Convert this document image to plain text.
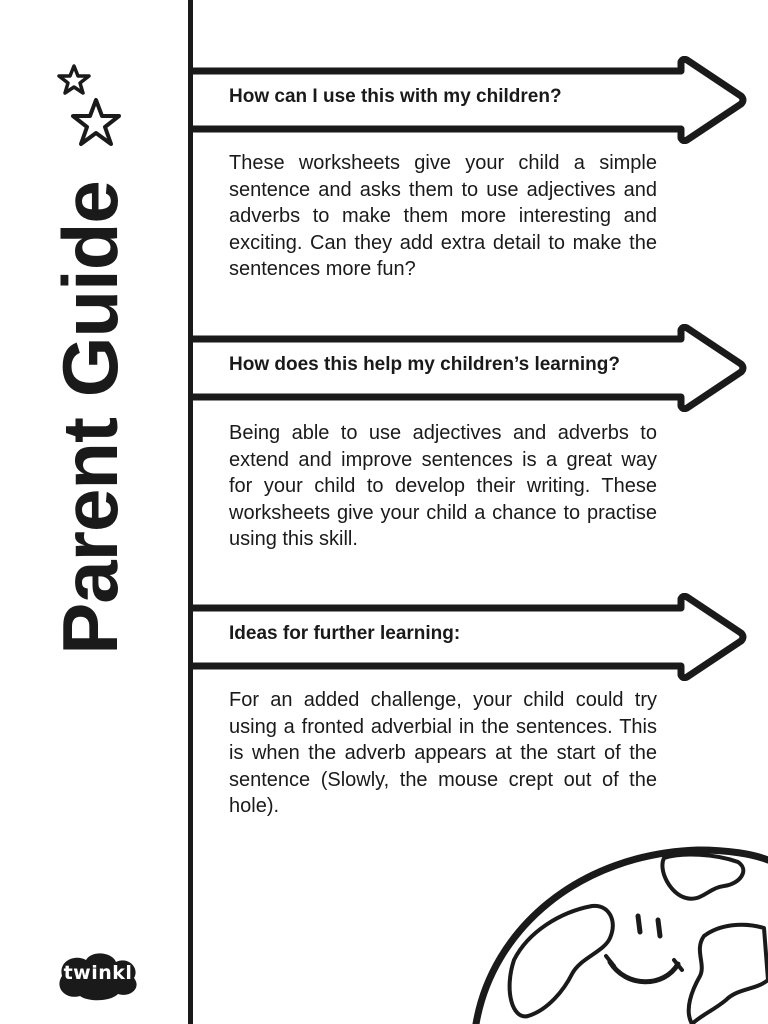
Parent Guide
twinkl
How can I use this with my children?
These worksheets give your child a simple sentence and asks them to use adjectives and adverbs to make them more interesting and exciting. Can they add extra detail to make the sentences more fun?
How does this help my children’s learning?
Being able to use adjectives and adverbs to extend and improve sentences is a great way for your child to develop their writing. These worksheets give your child a chance to practise using this skill.
Ideas for further learning:
For an added challenge, your child could try using a fronted adverbial in the sentences. This is when the adverb appears at the start of the sentence (Slowly, the mouse crept out of the hole).
